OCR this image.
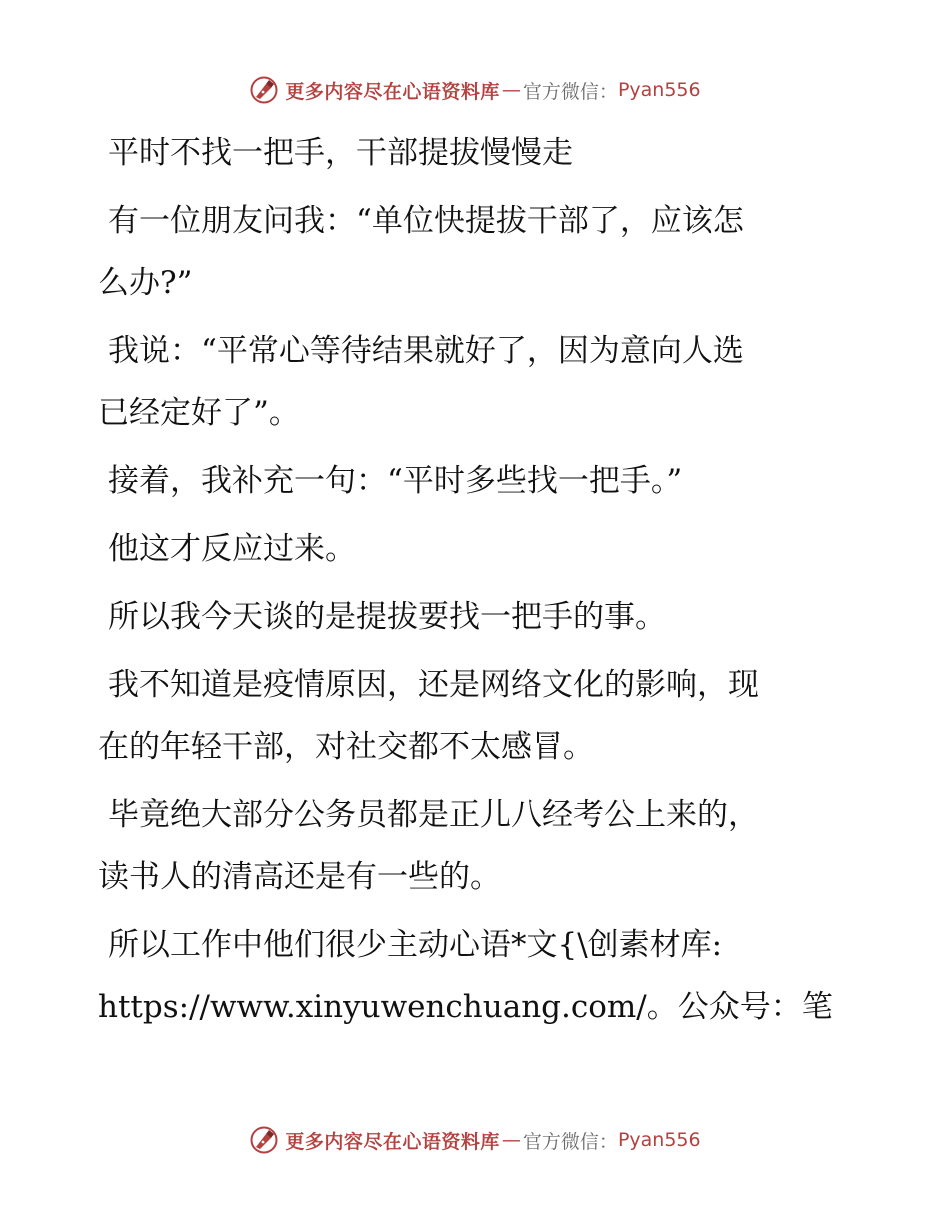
更多内容尽在心语资料库 — 官方微信： Pyan556
平时不找一把手，干部提拔慢慢走
有一位朋友问我：“单位快提拔干部了，应该怎
么办?”
我说：“平常心等待结果就好了，因为意向人选
已经定好了”。
接着，我补充一句：“平时多些找一把手。”
他这才反应过来。
所以我今天谈的是提拔要找一把手的事。
我不知道是疫情原因，还是网络文化的影响，现
在的年轻干部，对社交都不太感冒。
毕竟绝大部分公务员都是正儿八经考公上来的，
读书人的清高还是有一些的。
所以工作中他们很少主动心语*文{\创素材库:
https://www.xinyuwenchuang.com/。公众号：笔
更多内容尽在心语资料库 — 官方微信： Pyan556
